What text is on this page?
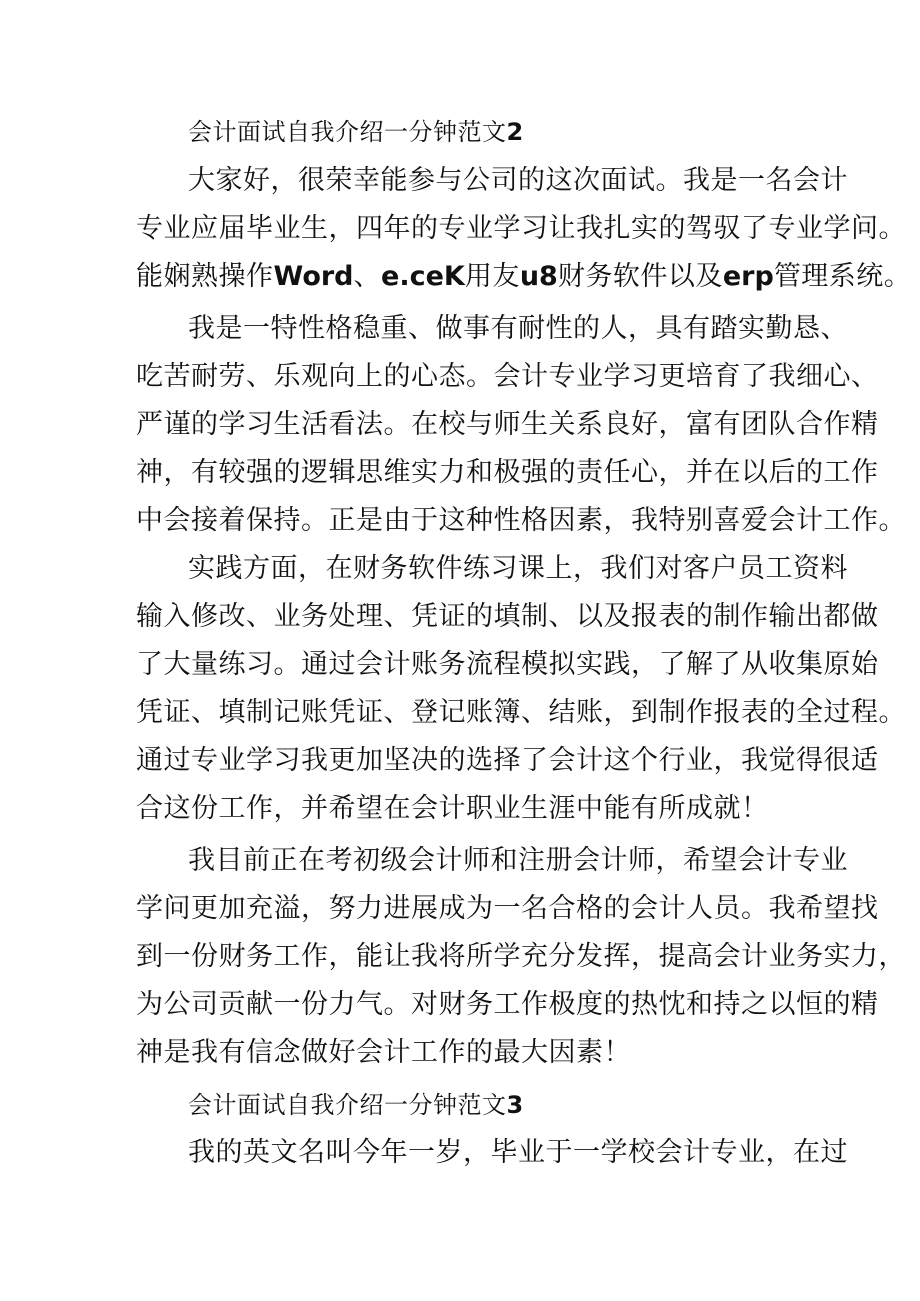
会计面试自我介绍一分钟范文2
大家好，很荣幸能参与公司的这次面试。我是一名会计
专业应届毕业生，四年的专业学习让我扎实的驾驭了专业学问。
能娴熟操作Word、e.ceK用友u8财务软件以及erp管理系统。
我是一特性格稳重、做事有耐性的人，具有踏实勤恳、
吃苦耐劳、乐观向上的心态。会计专业学习更培育了我细心、
严谨的学习生活看法。在校与师生关系良好，富有团队合作精
神，有较强的逻辑思维实力和极强的责任心，并在以后的工作
中会接着保持。正是由于这种性格因素，我特别喜爱会计工作。
实践方面，在财务软件练习课上，我们对客户员工资料
输入修改、业务处理、凭证的填制、以及报表的制作输出都做
了大量练习。通过会计账务流程模拟实践，了解了从收集原始
凭证、填制记账凭证、登记账簿、结账，到制作报表的全过程。
通过专业学习我更加坚决的选择了会计这个行业，我觉得很适
合这份工作，并希望在会计职业生涯中能有所成就！
我目前正在考初级会计师和注册会计师，希望会计专业
学问更加充溢，努力进展成为一名合格的会计人员。我希望找
到一份财务工作，能让我将所学充分发挥，提高会计业务实力，
为公司贡献一份力气。对财务工作极度的热忱和持之以恒的精
神是我有信念做好会计工作的最大因素！
会计面试自我介绍一分钟范文3
我的英文名叫今年一岁，毕业于一学校会计专业，在过
